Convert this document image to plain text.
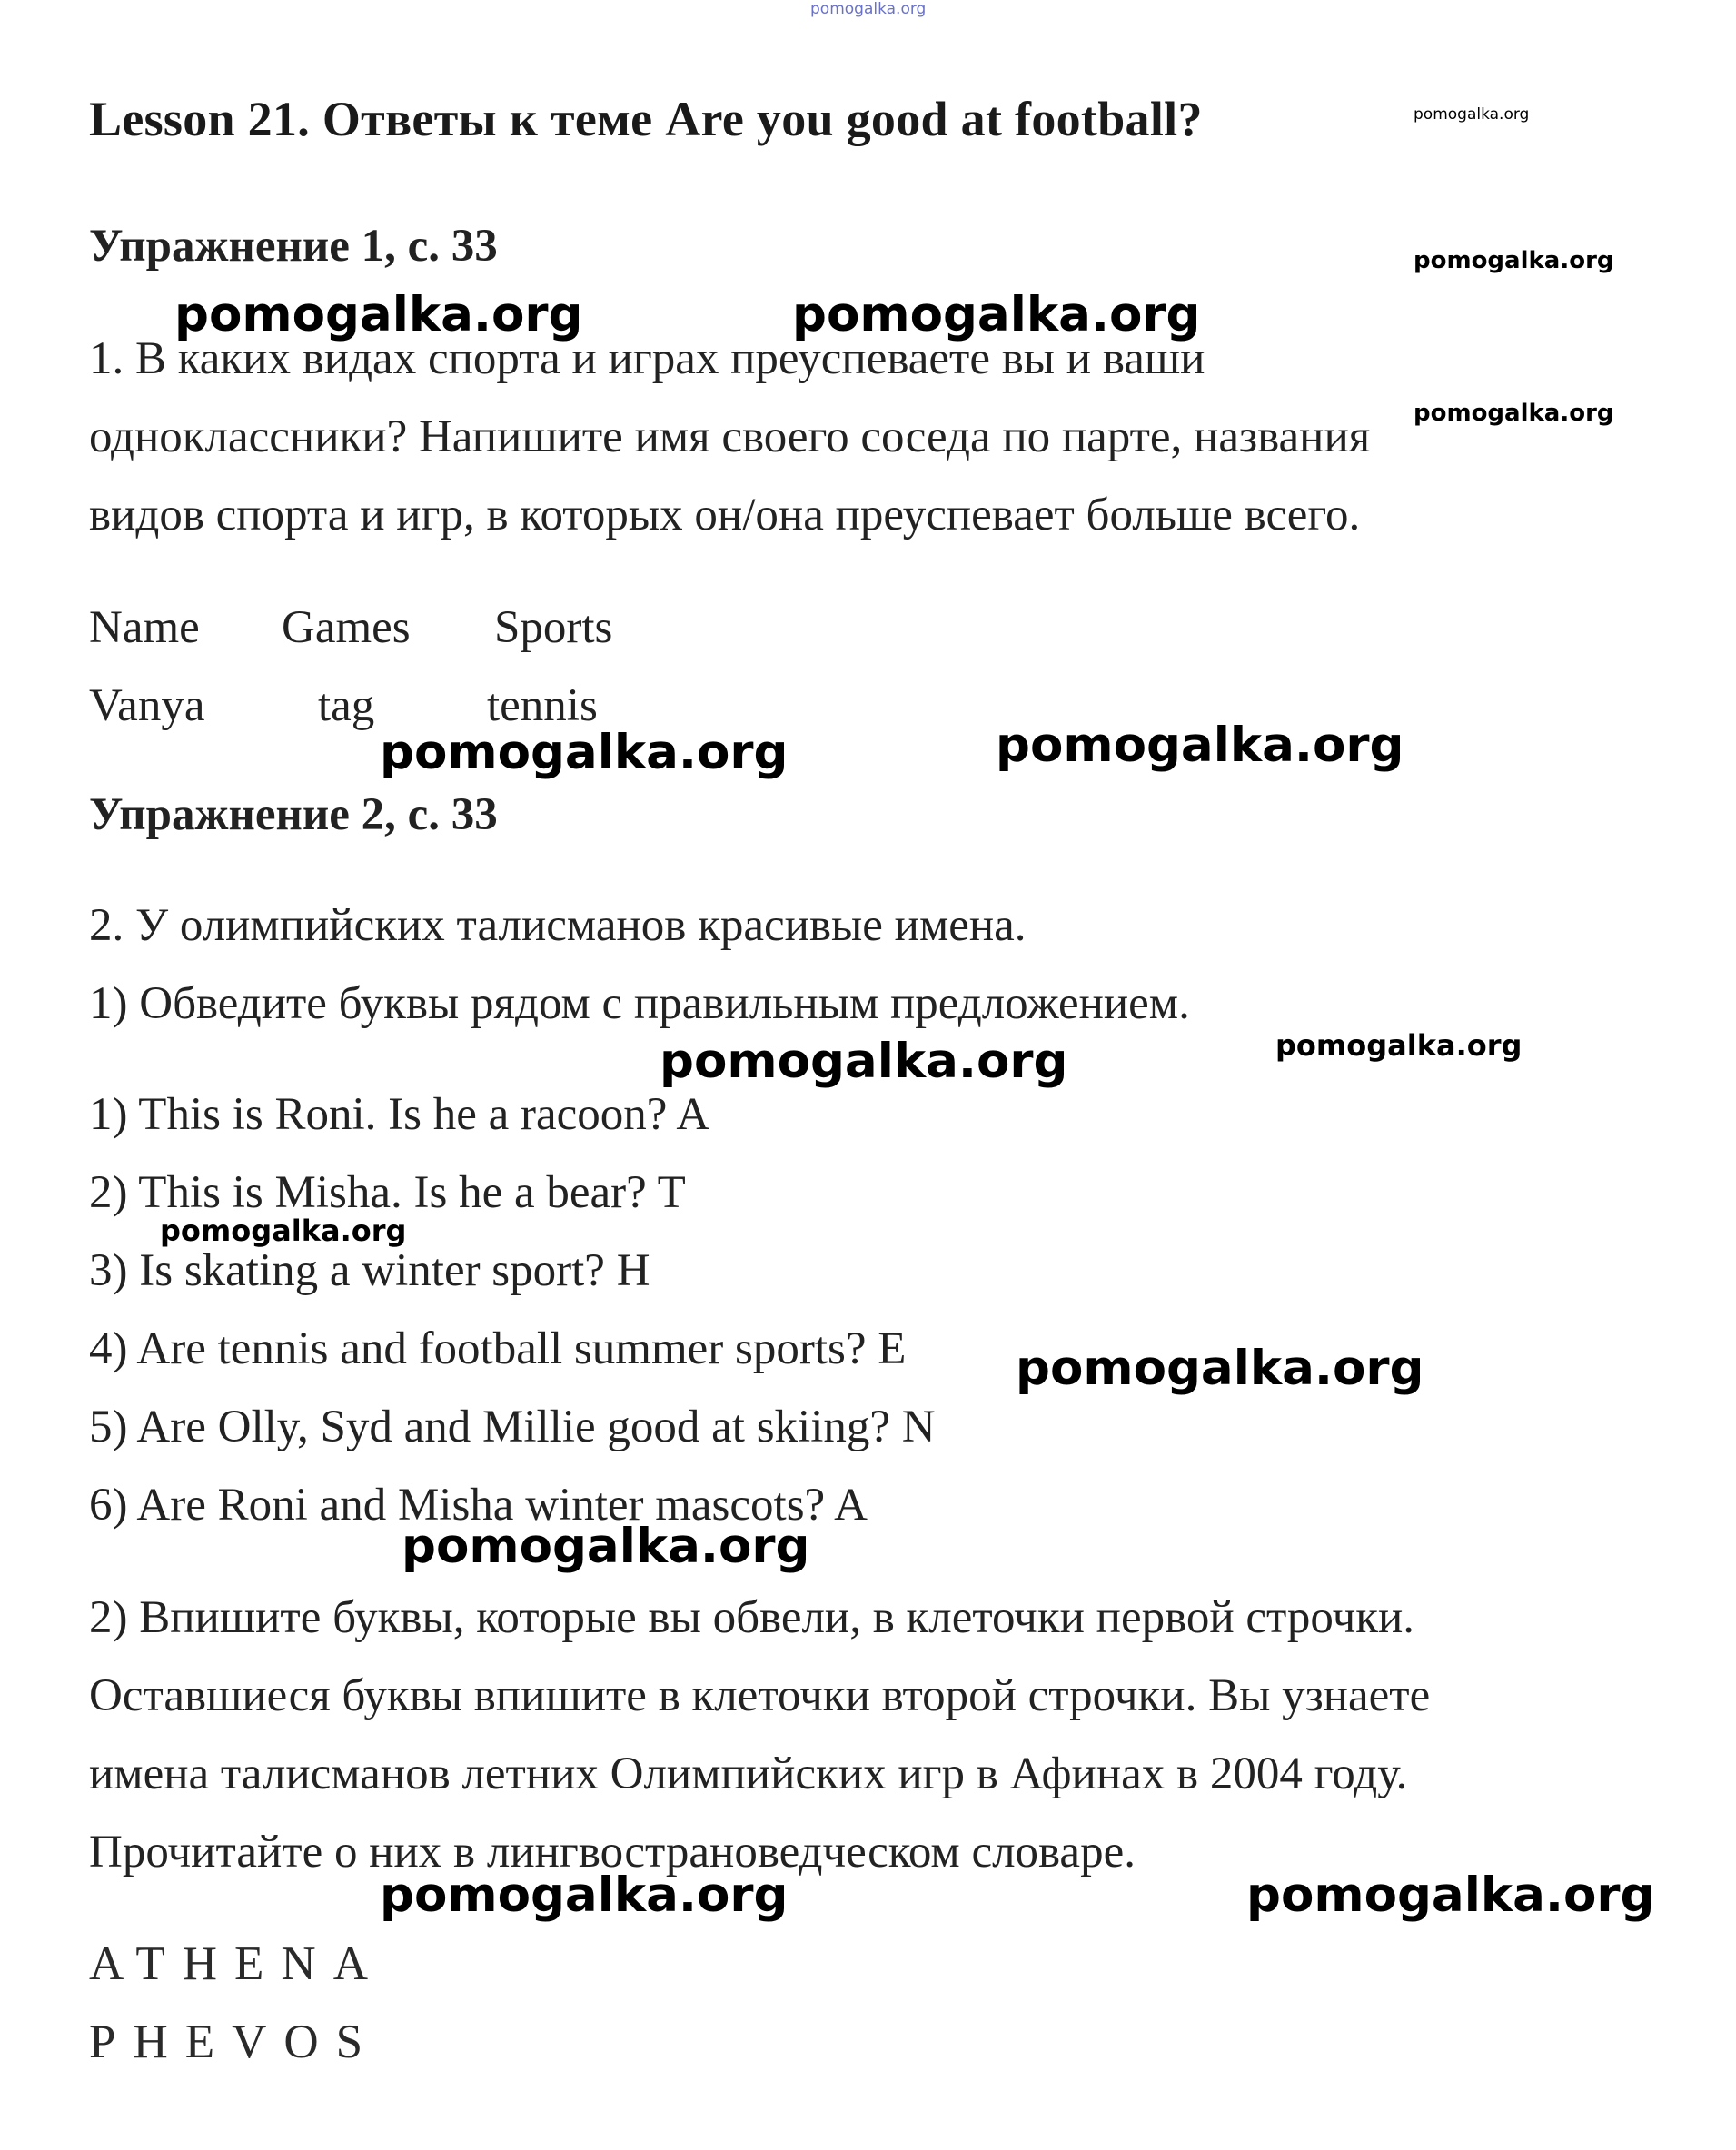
pomogalka.org
Lesson 21. Ответы к теме Are you good at football?	pomogalka.org
Упражнение 1, с. 33	pomogalka.org
1. В каких видах спорта и играх преуспеваете вы и ваши
одноклассники? Напишите имя своего соседа по парте, названия
видов спорта и игр, в которых он/она преуспевает больше всего.
pomogalka.org	pomogalka.org
pomogalka.org
Name Games Sports
Vanya tag tennis
pomogalka.org	pomogalka.org
Упражнение 2, с. 33
2. У олимпийских талисманов красивые имена.
1) Обведите буквы рядом с правильным предложением.
pomogalka.org	pomogalka.org
1) This is Roni. Is he a racoon? A
2) This is Misha. Is he a bear? T
pomogalka.org
3) Is skating a winter sport? H
4) Are tennis and football summer sports? E pomogalka.org
5) Are Olly, Syd and Millie good at skiing? N
6) Are Roni and Misha winter mascots? A
pomogalka.org
2) Впишите буквы, которые вы обвели, в клеточки первой строчки.
Оставшиеся буквы впишите в клеточки второй строчки. Вы узнаете
имена талисманов летних Олимпийских игр в Афинах в 2004 году.
Прочитайте о них в лингвострановедческом словаре.
pomogalka.org	pomogalka.org
ATHENA
PHEVOS
